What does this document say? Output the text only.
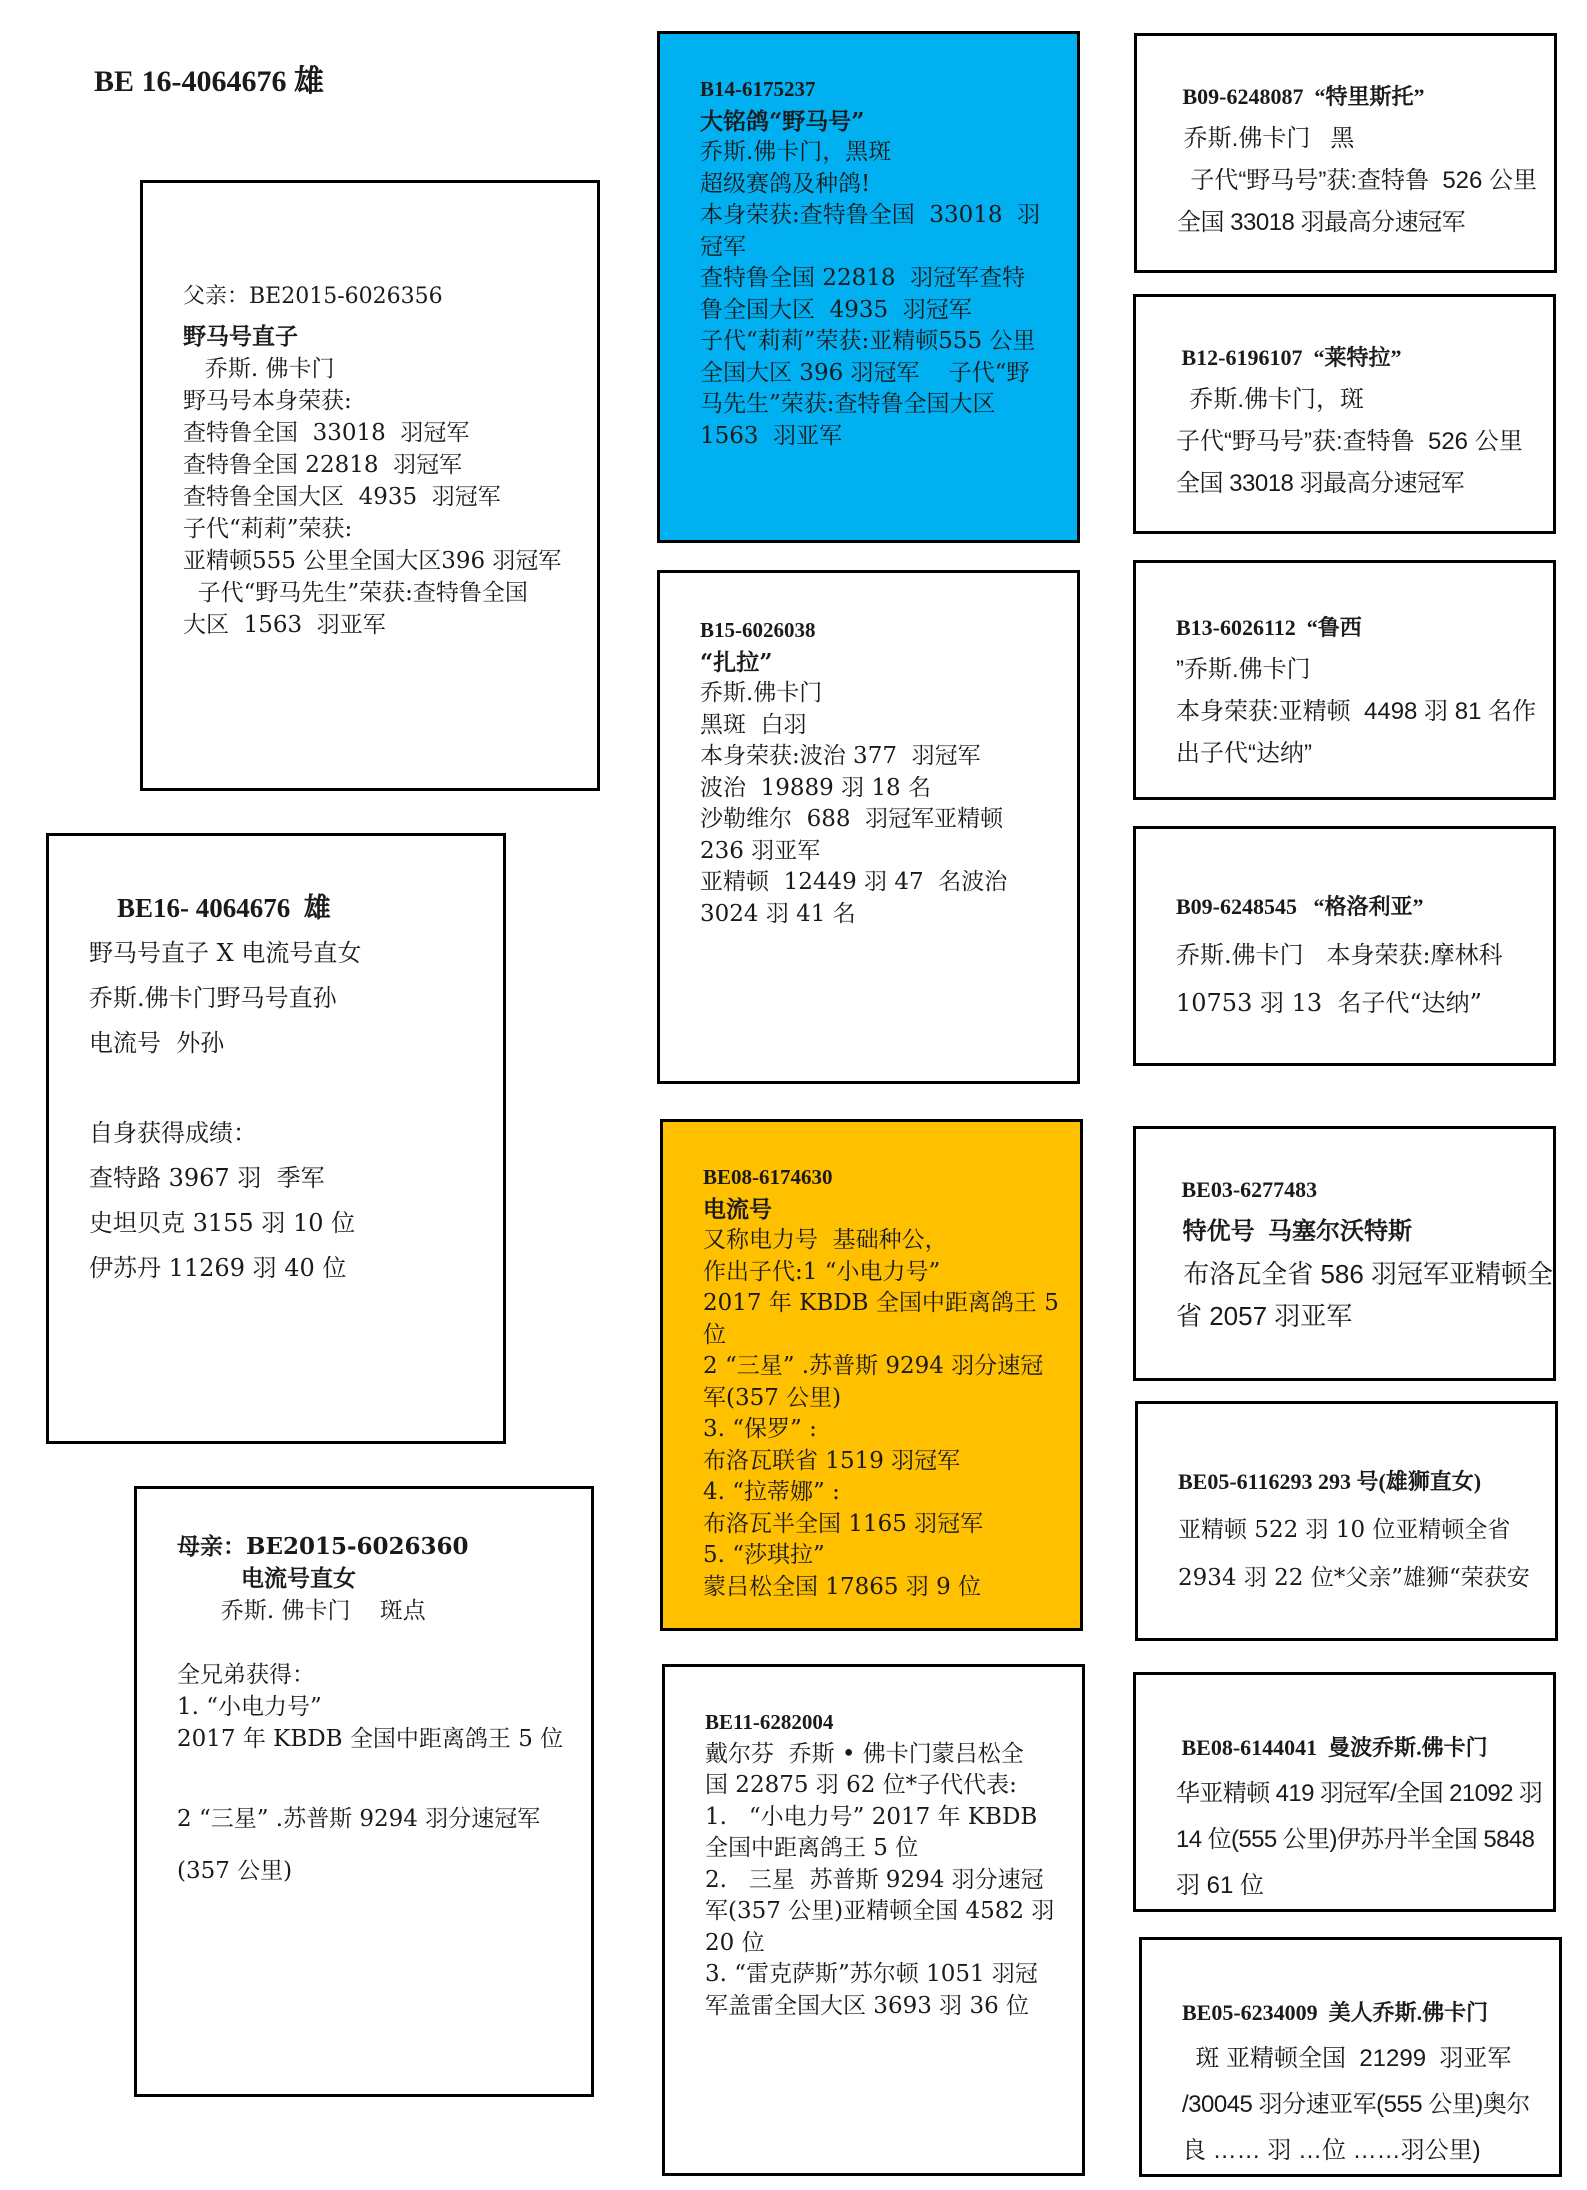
BE 16-4064676 雄
父亲：BE2015-6026356
野马号直子
乔斯. 佛卡门
野马号本身荣获:
查特鲁全国  33018  羽冠军
查特鲁全国 22818  羽冠军
查特鲁全国大区  4935  羽冠军
子代“莉莉”荣获:
亚精顿555 公里全国大区396 羽冠军
子代“野马先生”荣获:查特鲁全国
大区  1563  羽亚军
BE16- 4064676  雄
野马号直子 X 电流号直女
乔斯.佛卡门野马号直孙
电流号  外孙
自身获得成绩：
查特路 3967 羽  季军
史坦贝克 3155 羽 10 位
伊苏丹 11269 羽 40 位
母亲：BE2015-6026360
电流号直女
乔斯. 佛卡门    斑点
全兄弟获得：
1. “小电力号”
2017 年 KBDB 全国中距离鸽王 5 位
2 “三星” .苏普斯 9294 羽分速冠军
(357 公里)
B14-6175237
大铭鸽“野马号”
乔斯.佛卡门，黑斑
超级赛鸽及种鸽!
本身荣获:查特鲁全国  33018  羽
冠军
查特鲁全国 22818  羽冠军查特
鲁全国大区  4935  羽冠军
子代“莉莉”荣获:亚精顿555 公里
全国大区 396 羽冠军    子代“野
马先生”荣获:查特鲁全国大区
1563  羽亚军
B15-6026038
“扎拉”
乔斯.佛卡门
黑斑  白羽
本身荣获:波治 377  羽冠军
波治  19889 羽 18 名
沙勒维尔  688  羽冠军亚精顿
236 羽亚军
亚精顿  12449 羽 47  名波治
3024 羽 41 名
BE08-6174630
电流号
又称电力号  基础种公，
作出子代:1 “小电力号”
2017 年 KBDB 全国中距离鸽王 5
位
2 “三星” .苏普斯 9294 羽分速冠
军(357 公里)
3. “保罗” :
布洛瓦联省 1519 羽冠军
4. “拉蒂娜” :
布洛瓦半全国 1165 羽冠军
5. “莎琪拉”
蒙吕松全国 17865 羽 9 位
BE11-6282004
戴尔芬  乔斯 • 佛卡门蒙吕松全
国 22875 羽 62 位*子代代表:
1.   “小电力号” 2017 年 KBDB
全国中距离鸽王 5 位
2.   三星  苏普斯 9294 羽分速冠
军(357 公里)亚精顿全国 4582 羽
20 位
3. “雷克萨斯”苏尔顿 1051 羽冠
军盖雷全国大区 3693 羽 36 位
B09-6248087  “特里斯托”
乔斯.佛卡门   黑
子代“野马号”获:查特鲁  526 公里
全国 33018 羽最高分速冠军
B12-6196107  “莱特拉”
乔斯.佛卡门，斑
子代“野马号”获:查特鲁  526 公里
全国 33018 羽最高分速冠军
B13-6026112  “鲁西
”乔斯.佛卡门
本身荣获:亚精顿  4498 羽 81 名作
出子代“达纳”
B09-6248545   “格洛利亚”
乔斯.佛卡门   本身荣获:摩林科
10753 羽 13  名子代“达纳”
BE03-6277483
特优号  马塞尔沃特斯
布洛瓦全省 586 羽冠军亚精顿全
省 2057 羽亚军
BE05-6116293 293 号(雄狮直女)
亚精顿 522 羽 10 位亚精顿全省
2934 羽 22 位*父亲”雄狮“荣获安
BE08-6144041  曼波乔斯.佛卡门
华亚精顿 419 羽冠军/全国 21092 羽
14 位(555 公里)伊苏丹半全国 5848
羽 61 位
BE05-6234009  美人乔斯.佛卡门
斑 亚精顿全国  21299  羽亚军
/30045 羽分速亚军(555 公里)奥尔
良 …… 羽 …位 ……羽公里)
